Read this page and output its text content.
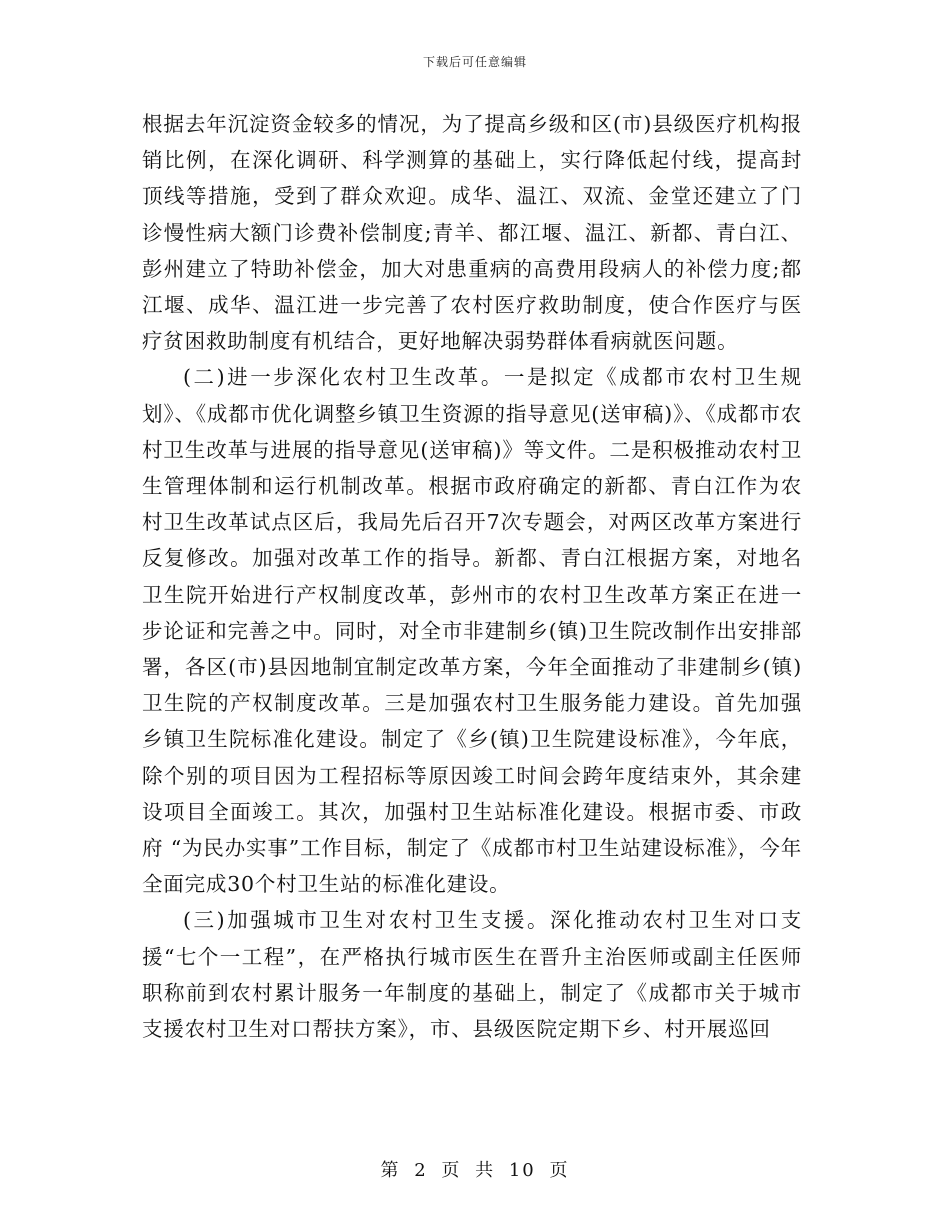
下载后可任意编辑

根据去年沉淀资金较多的情况，为了提高乡级和区(市)县级医疗机构报销比例，在深化调研、科学测算的基础上，实行降低起付线，提高封顶线等措施，受到了群众欢迎。成华、温江、双流、金堂还建立了门诊慢性病大额门诊费补偿制度;青羊、都江堰、温江、新都、青白江、彭州建立了特助补偿金，加大对患重病的高费用段病人的补偿力度;都江堰、成华、温江进一步完善了农村医疗救助制度，使合作医疗与医疗贫困救助制度有机结合，更好地解决弱势群体看病就医问题。

(二)进一步深化农村卫生改革。一是拟定《成都市农村卫生规划》、《成都市优化调整乡镇卫生资源的指导意见(送审稿)》、《成都市农村卫生改革与进展的指导意见(送审稿)》等文件。二是积极推动农村卫生管理体制和运行机制改革。根据市政府确定的新都、青白江作为农村卫生改革试点区后，我局先后召开7次专题会，对两区改革方案进行反复修改。加强对改革工作的指导。新都、青白江根据方案，对地名卫生院开始进行产权制度改革，彭州市的农村卫生改革方案正在进一步论证和完善之中。同时，对全市非建制乡(镇)卫生院改制作出安排部署，各区(市)县因地制宜制定改革方案，今年全面推动了非建制乡(镇)卫生院的产权制度改革。三是加强农村卫生服务能力建设。首先加强乡镇卫生院标准化建设。制定了《乡(镇)卫生院建设标准》，今年底，除个别的项目因为工程招标等原因竣工时间会跨年度结束外，其余建设项目全面竣工。其次，加强村卫生站标准化建设。根据市委、市政府 “为民办实事”工作目标，制定了《成都市村卫生站建设标准》，今年全面完成30个村卫生站的标准化建设。

(三)加强城市卫生对农村卫生支援。深化推动农村卫生对口支援“七个一工程”，在严格执行城市医生在晋升主治医师或副主任医师职称前到农村累计服务一年制度的基础上，制定了《成都市关于城市支援农村卫生对口帮扶方案》，市、县级医院定期下乡、村开展巡回

第 2 页 共 10 页
